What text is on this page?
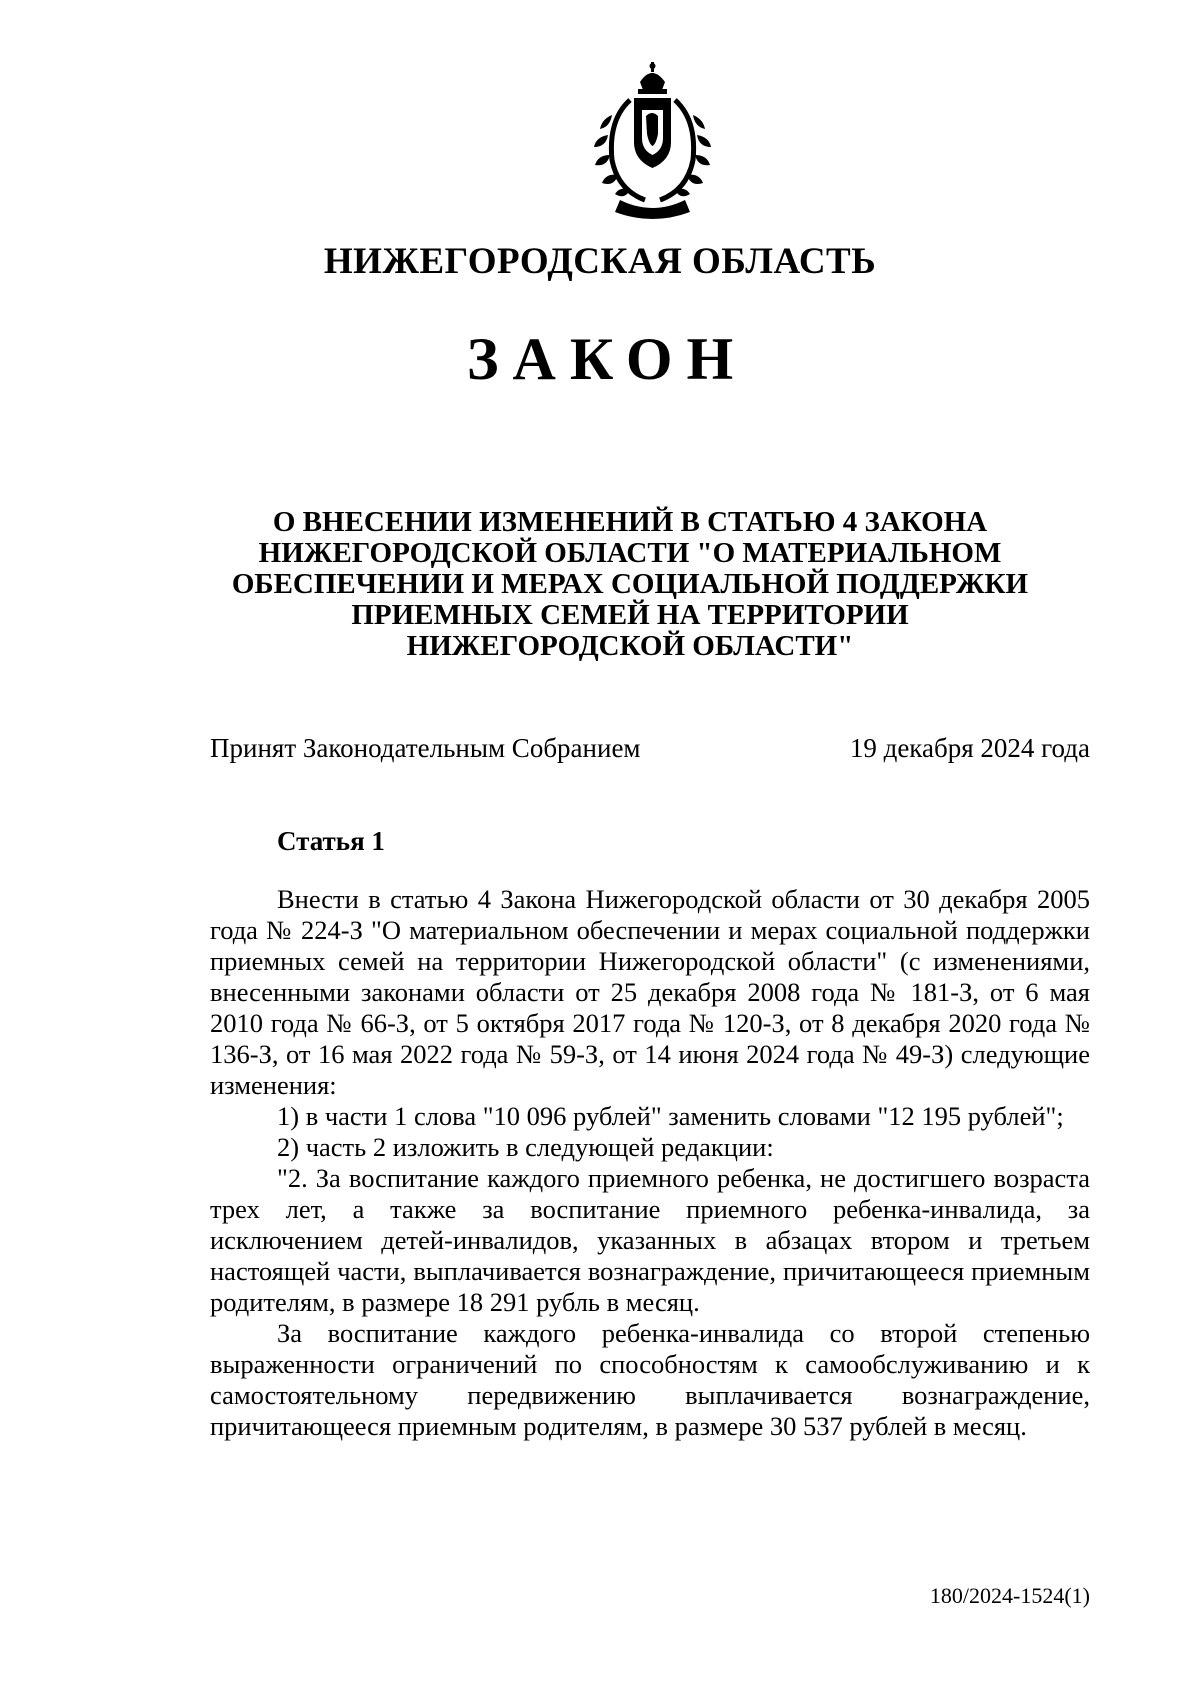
НИЖЕГОРОДСКАЯ ОБЛАСТЬ
ЗАКОН
О ВНЕСЕНИИ ИЗМЕНЕНИЙ В СТАТЬЮ 4 ЗАКОНА НИЖЕГОРОДСКОЙ ОБЛАСТИ "О МАТЕРИАЛЬНОМ ОБЕСПЕЧЕНИИ И МЕРАХ СОЦИАЛЬНОЙ ПОДДЕРЖКИ ПРИЕМНЫХ СЕМЕЙ НА ТЕРРИТОРИИ НИЖЕГОРОДСКОЙ ОБЛАСТИ"
Принят Законодательным Собранием	19 декабря 2024 года
Статья 1

Внести в статью 4 Закона Нижегородской области от 30 декабря 2005 года № 224-З "О материальном обеспечении и мерах социальной поддержки приемных семей на территории Нижегородской области" (с изменениями, внесенными законами области от 25 декабря 2008 года № 181-З, от 6 мая 2010 года № 66-З, от 5 октября 2017 года № 120-З, от 8 декабря 2020 года № 136-З, от 16 мая 2022 года № 59-З, от 14 июня 2024 года № 49-З) следующие изменения:

1) в части 1 слова "10 096 рублей" заменить словами "12 195 рублей";

2) часть 2 изложить в следующей редакции:

"2. За воспитание каждого приемного ребенка, не достигшего возраста трех лет, а также за воспитание приемного ребенка-инвалида, за исключением детей-инвалидов, указанных в абзацах втором и третьем настоящей части, выплачивается вознаграждение, причитающееся приемным родителям, в размере 18 291 рубль в месяц.

За воспитание каждого ребенка-инвалида со второй степенью выраженности ограничений по способностям к самообслуживанию и к самостоятельному передвижению выплачивается вознаграждение, причитающееся приемным родителям, в размере 30 537 рублей в месяц.

180/2024-1524(1)
